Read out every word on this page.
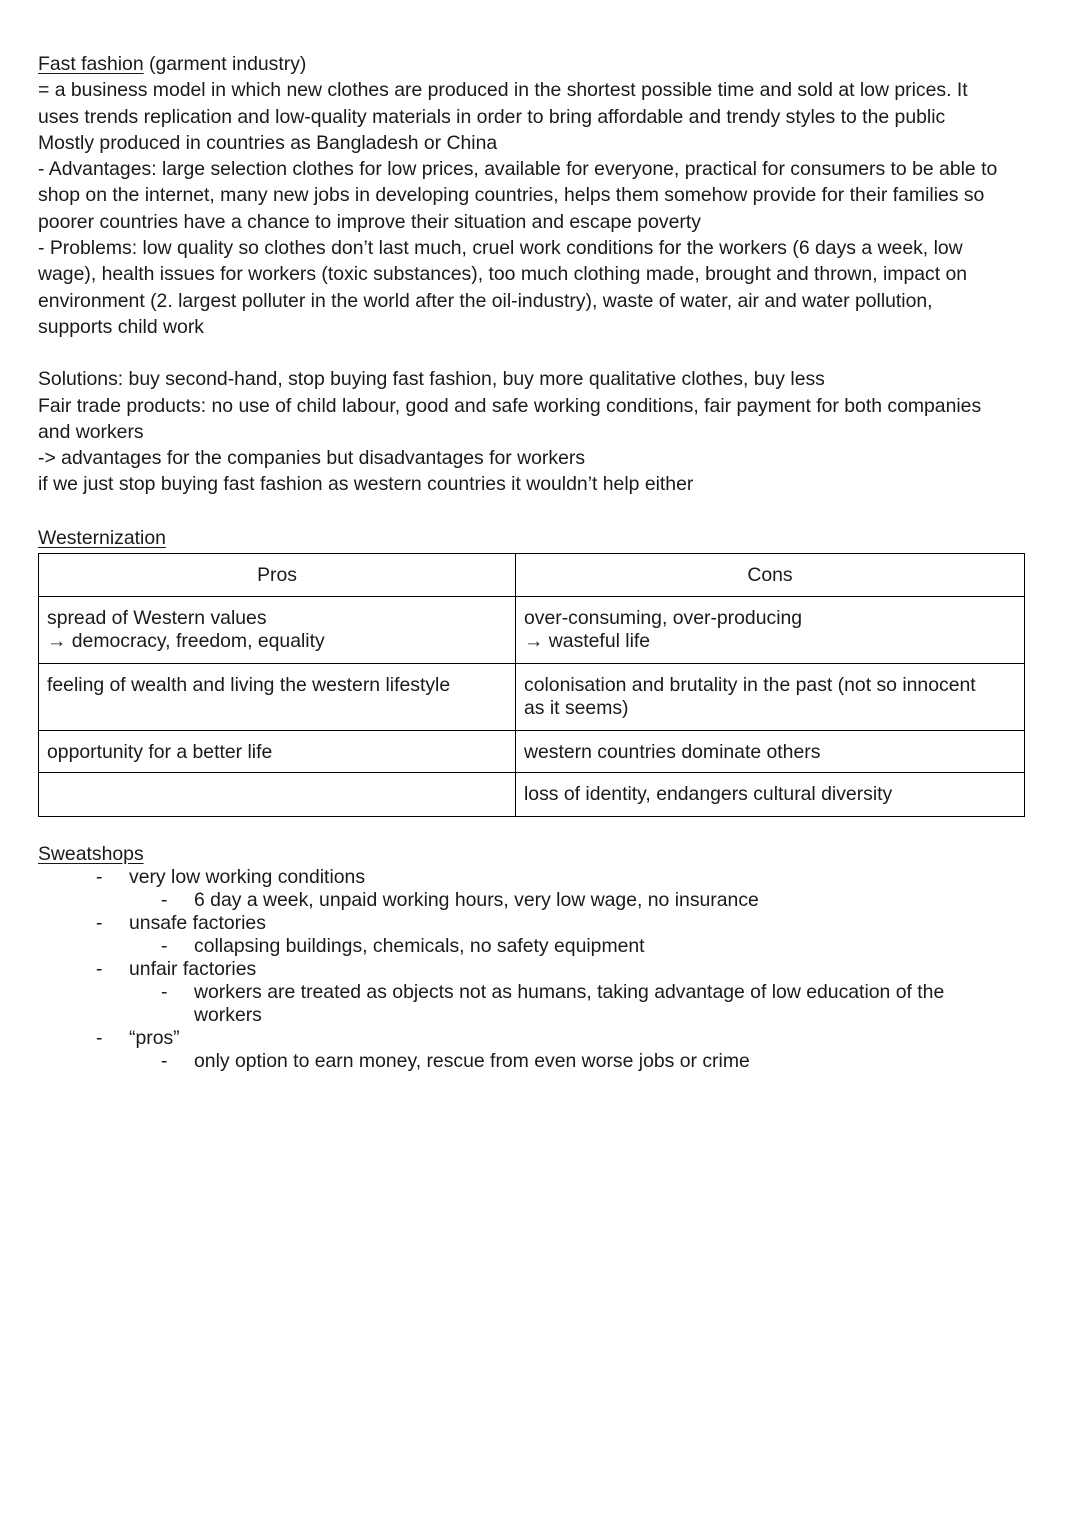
Fast fashion (garment industry)

= a business model in which new clothes are produced in the shortest possible time and sold at low prices. It

uses trends replication and low-quality materials in order to bring affordable and trendy styles to the public

Mostly produced in countries as Bangladesh or China

- Advantages: large selection clothes for low prices, available for everyone, practical for consumers to be able to

shop on the internet, many new jobs in developing countries, helps them somehow provide for their families so

poorer countries have a chance to improve their situation and escape poverty

- Problems: low quality so clothes don’t last much, cruel work conditions for the workers (6 days a week, low

wage), health issues for workers (toxic substances), too much clothing made, brought and thrown, impact on

environment (2. largest polluter in the world after the oil-industry), waste of water, air and water pollution,

supports child work

Solutions: buy second-hand, stop buying fast fashion, buy more qualitative clothes, buy less

Fair trade products: no use of child labour, good and safe working conditions, fair payment for both companies

and workers

-> advantages for the companies but disadvantages for workers

if we just stop buying fast fashion as western countries it wouldn’t help either

Westernization
Pros	Cons

spread of Western values
→ democracy, freedom, equality	over-consuming, over-producing
→ wasteful life

feeling of wealth and living the western lifestyle	colonisation and brutality in the past (not so innocent
as it seems)

opportunity for a better life	western countries dominate others

	loss of identity, endangers cultural diversity
Sweatshops
- very low working conditions
- 6 day a week, unpaid working hours, very low wage, no insurance
- unsafe factories
- collapsing buildings, chemicals, no safety equipment
- unfair factories
- workers are treated as objects not as humans, taking advantage of low education of the
workers
- “pros”
- only option to earn money, rescue from even worse jobs or crime
